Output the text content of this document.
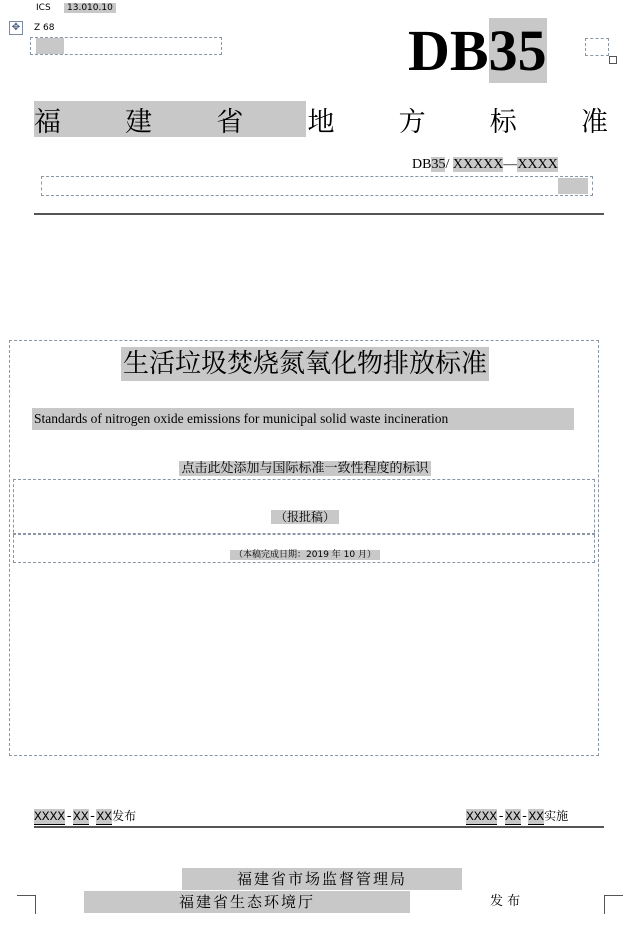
ICS	13.010.10
✥	Z 68	DB35
福 建 省 地 方 标 准
DB35/ XXXXX—XXXX
生活垃圾焚烧氮氧化物排放标准
Standards of nitrogen oxide emissions for municipal solid waste incineration
点击此处添加与国际标准一致性程度的标识
（报批稿）
（本稿完成日期：2019 年 10 月）
XXXX-XX-XX发布	XXXX-XX-XX实施
福建省市场监督管理局
福建省生态环境厅	发 布
